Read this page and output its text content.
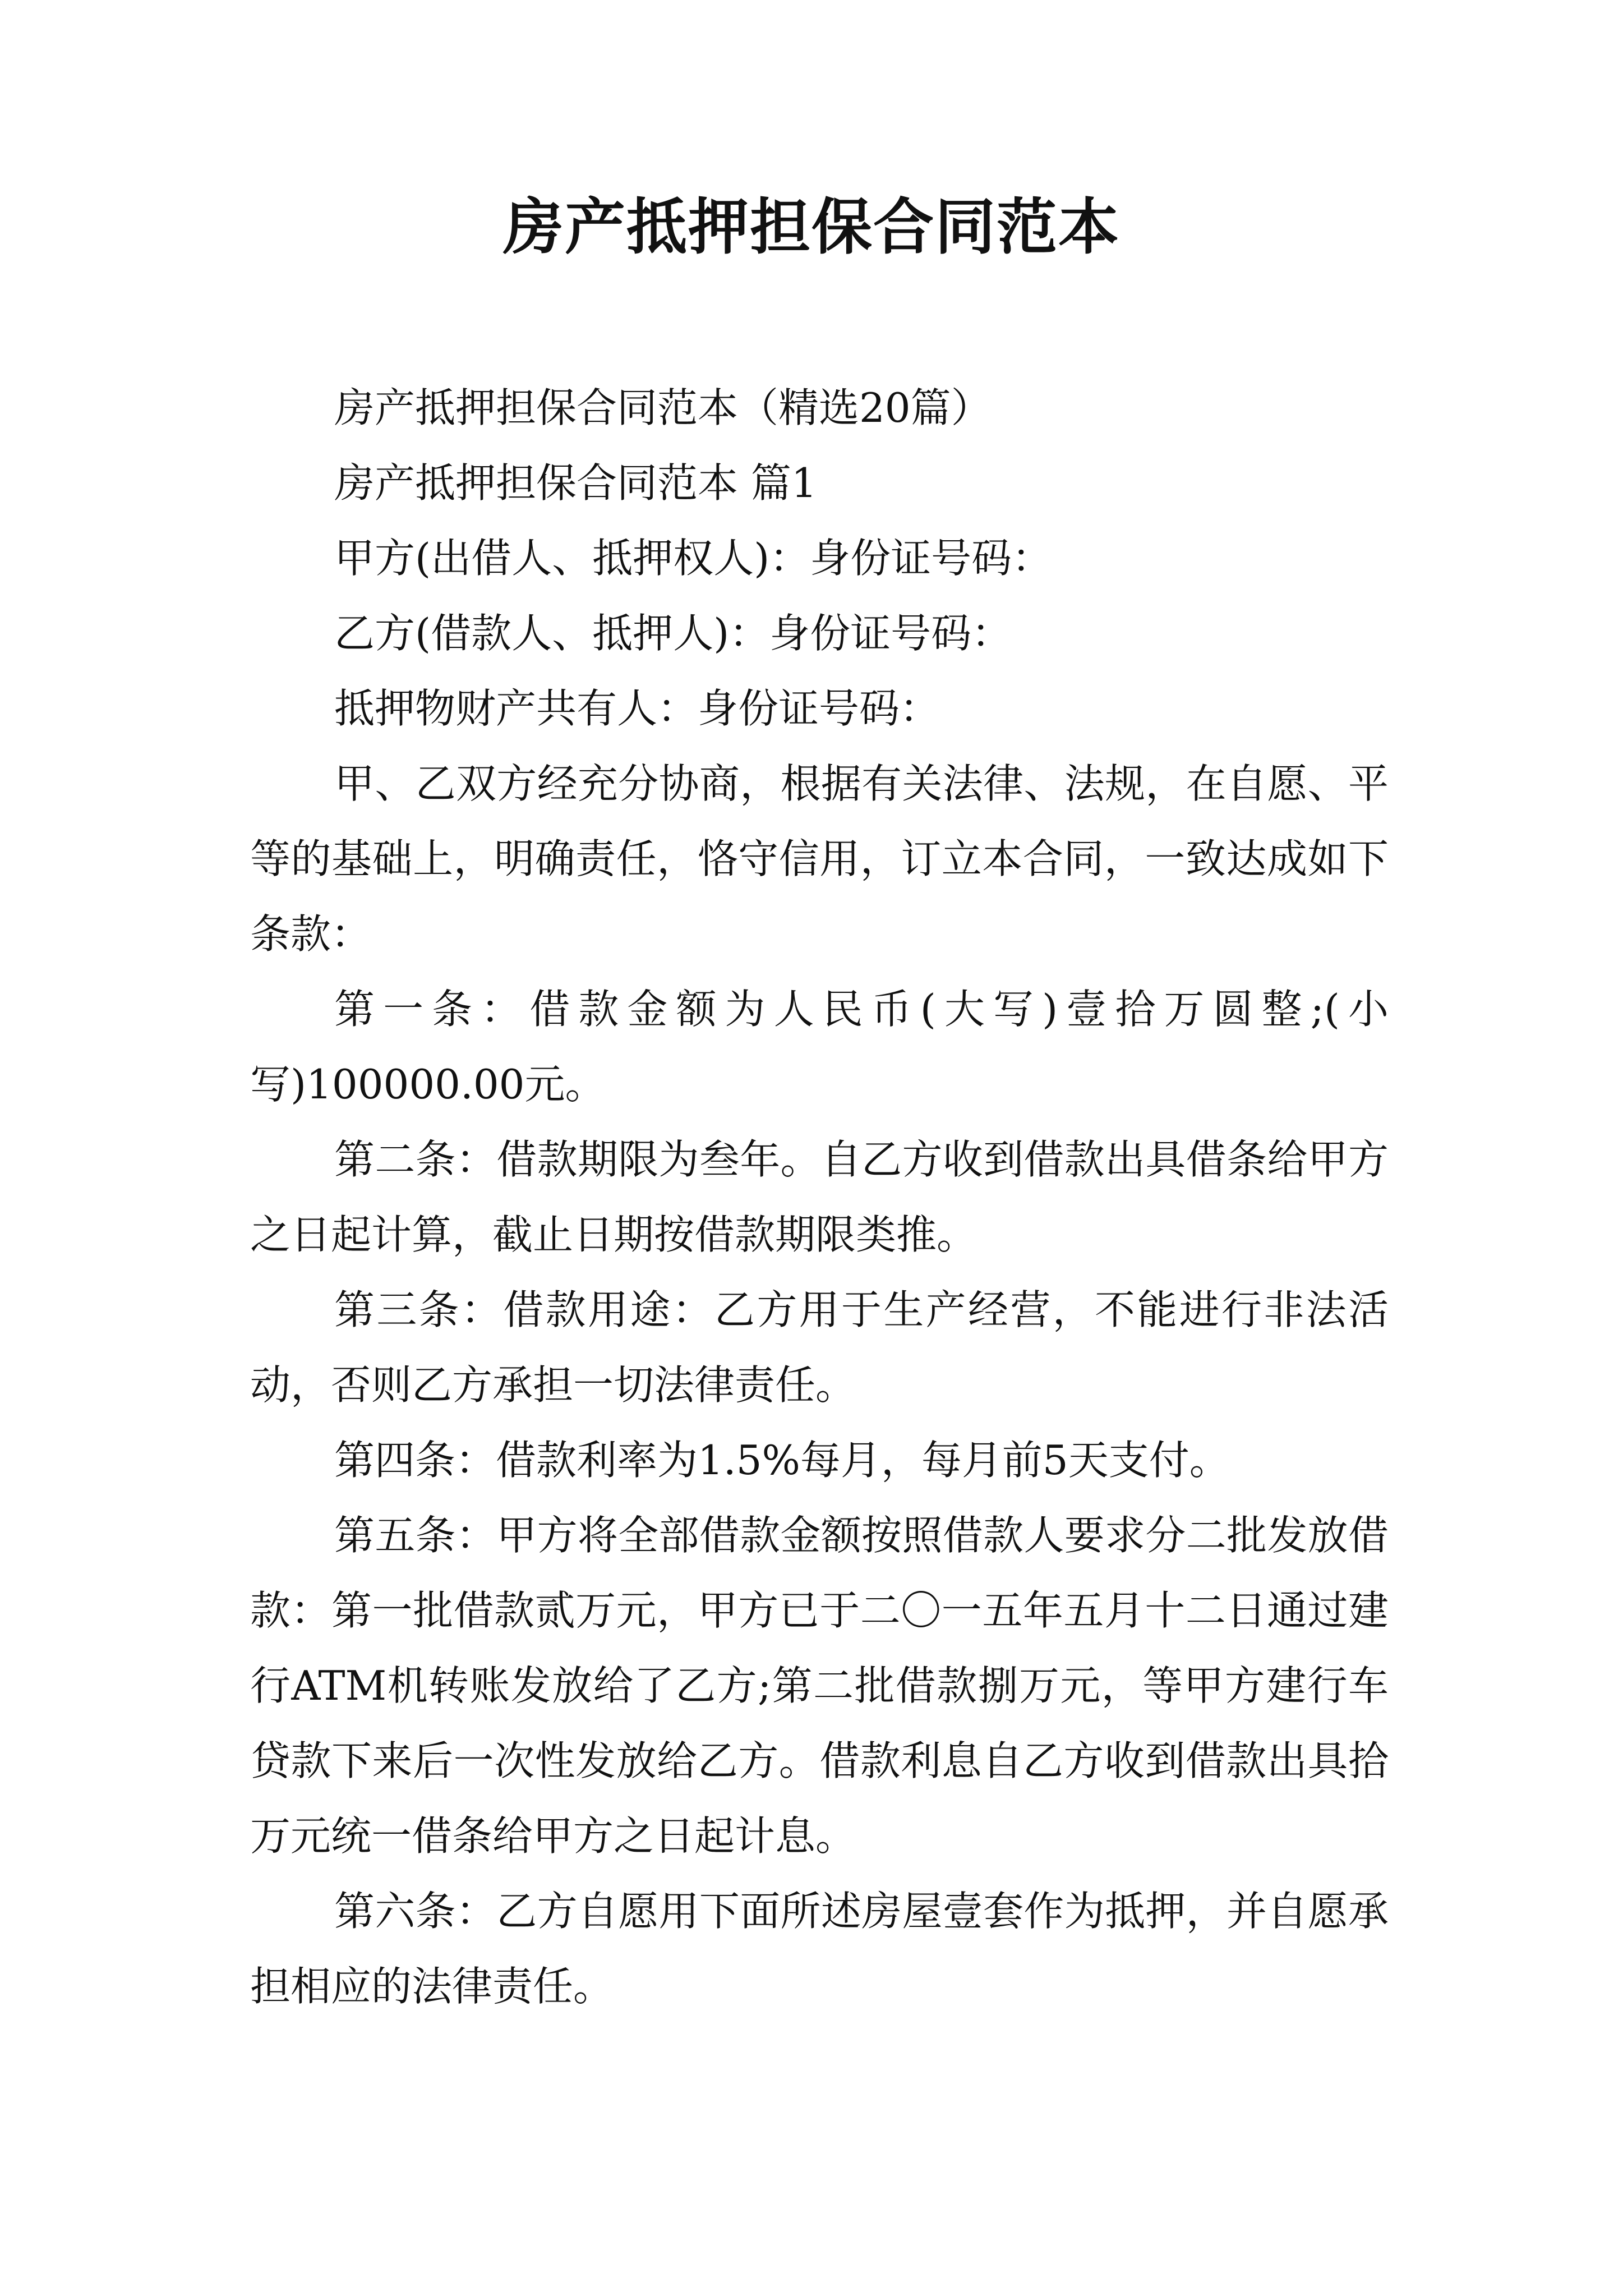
房产抵押担保合同范本

房产抵押担保合同范本（精选20篇）

房产抵押担保合同范本 篇1

甲方(出借人、抵押权人)：身份证号码：

乙方(借款人、抵押人)：身份证号码：

抵押物财产共有人：身份证号码：

甲、乙双方经充分协商，根据有关法律、法规，在自愿、平等的基础上，明确责任，恪守信用，订立本合同，一致达成如下条款：

第一条：借款金额为人民币(大写)壹拾万圆整;(小写)100000.00元。

第二条：借款期限为叁年。自乙方收到借款出具借条给甲方之日起计算，截止日期按借款期限类推。

第三条：借款用途：乙方用于生产经营，不能进行非法活动，否则乙方承担一切法律责任。

第四条：借款利率为1.5%每月，每月前5天支付。

第五条：甲方将全部借款金额按照借款人要求分二批发放借款：第一批借款贰万元，甲方已于二〇一五年五月十二日通过建行ATM机转账发放给了乙方;第二批借款捌万元，等甲方建行车贷款下来后一次性发放给乙方。借款利息自乙方收到借款出具拾万元统一借条给甲方之日起计息。

第六条：乙方自愿用下面所述房屋壹套作为抵押，并自愿承担相应的法律责任。
